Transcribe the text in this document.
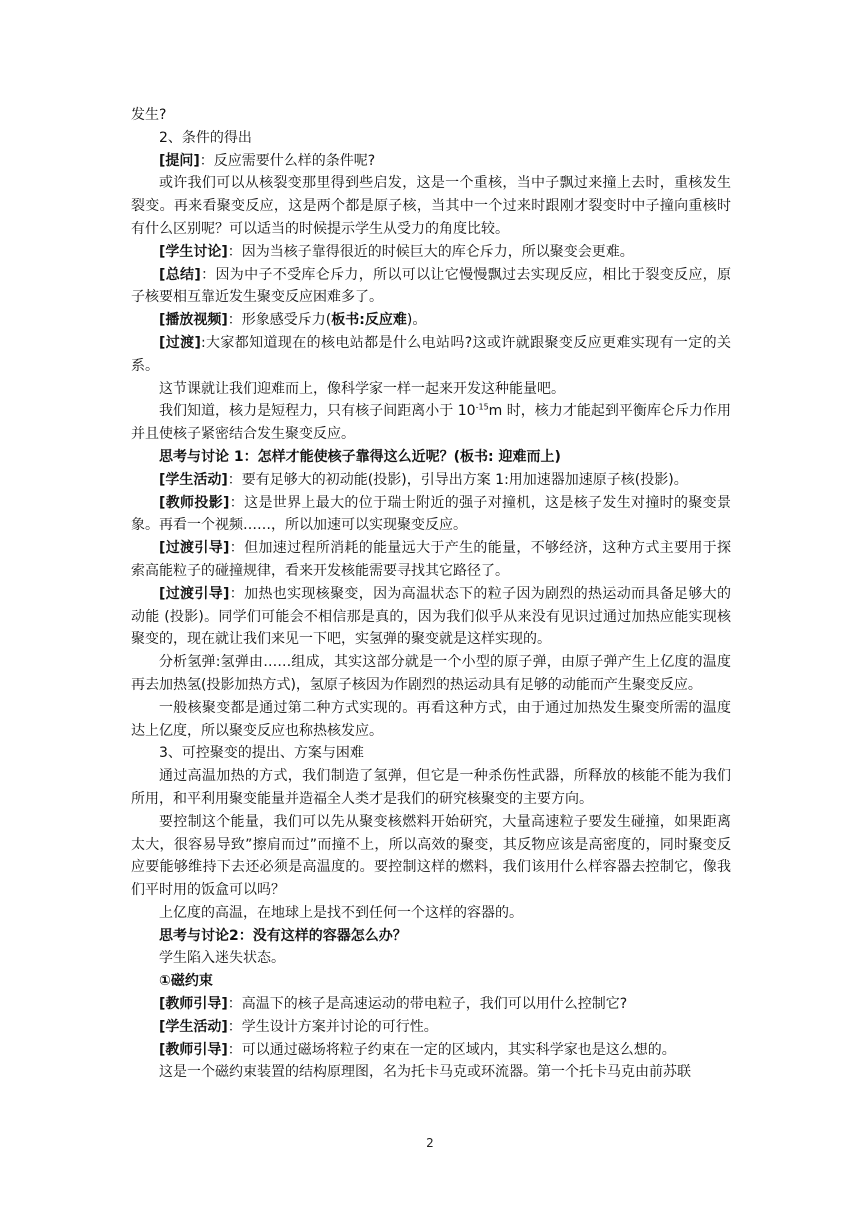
发生?

2、条件的得出

[提问]：反应需要什么样的条件呢?

或许我们可以从核裂变那里得到些启发，这是一个重核，当中子飘过来撞上去时，重核发生裂变。再来看聚变反应，这是两个都是原子核，当其中一个过来时跟刚才裂变时中子撞向重核时有什么区别呢？可以适当的时候提示学生从受力的角度比较。

[学生讨论]：因为当核子靠得很近的时候巨大的库仑斥力，所以聚变会更难。

[总结]：因为中子不受库仑斥力，所以可以让它慢慢飘过去实现反应，相比于裂变反应，原子核要相互靠近发生聚变反应困难多了。

[播放视频]：形象感受斥力(板书:反应难)。

[过渡]:大家都知道现在的核电站都是什么电站吗?这或许就跟聚变反应更难实现有一定的关系。

这节课就让我们迎难而上，像科学家一样一起来开发这种能量吧。

我们知道，核力是短程力，只有核子间距离小于 $10^{-15}m$ 时，核力才能起到平衡库仑斥力作用并且使核子紧密结合发生聚变反应。

思考与讨论 1：怎样才能使核子靠得这么近呢？(板书: 迎难而上)

[学生活动]：要有足够大的初动能(投影)，引导出方案 1:用加速器加速原子核(投影)。

[教师投影]：这是世界上最大的位于瑞士附近的强子对撞机，这是核子发生对撞时的聚变景象。再看一个视频……，所以加速可以实现聚变反应。

[过渡引导]：但加速过程所消耗的能量远大于产生的能量，不够经济，这种方式主要用于探索高能粒子的碰撞规律，看来开发核能需要寻找其它路径了。

[过渡引导]：加热也实现核聚变，因为高温状态下的粒子因为剧烈的热运动而具备足够大的动能 (投影)。同学们可能会不相信那是真的，因为我们似乎从来没有见识过通过加热应能实现核聚变的，现在就让我们来见一下吧，实氢弹的聚变就是这样实现的。

分析氢弹:氢弹由……组成，其实这部分就是一个小型的原子弹，由原子弹产生上亿度的温度再去加热氢(投影加热方式)，氢原子核因为作剧烈的热运动具有足够的动能而产生聚变反应。

一般核聚变都是通过第二种方式实现的。再看这种方式，由于通过加热发生聚变所需的温度达上亿度，所以聚变反应也称热核发应。

3、可控聚变的提出、方案与困难

通过高温加热的方式，我们制造了氢弹，但它是一种杀伤性武器，所释放的核能不能为我们所用，和平利用聚变能量并造福全人类才是我们的研究核聚变的主要方向。

要控制这个能量，我们可以先从聚变核燃料开始研究，大量高速粒子要发生碰撞，如果距离太大，很容易导致”擦肩而过”而撞不上，所以高效的聚变，其反物应该是高密度的，同时聚变反应要能够维持下去还必须是高温度的。要控制这样的燃料，我们该用什么样容器去控制它，像我们平时用的饭盒可以吗？

上亿度的高温，在地球上是找不到任何一个这样的容器的。

思考与讨论2：没有这样的容器怎么办？

学生陷入迷失状态。

①磁约束

[教师引导]：高温下的核子是高速运动的带电粒子，我们可以用什么控制它?

[学生活动]：学生设计方案并讨论的可行性。

[教师引导]：可以通过磁场将粒子约束在一定的区域内，其实科学家也是这么想的。

这是一个磁约束装置的结构原理图，名为托卡马克或环流器。第一个托卡马克由前苏联

2
